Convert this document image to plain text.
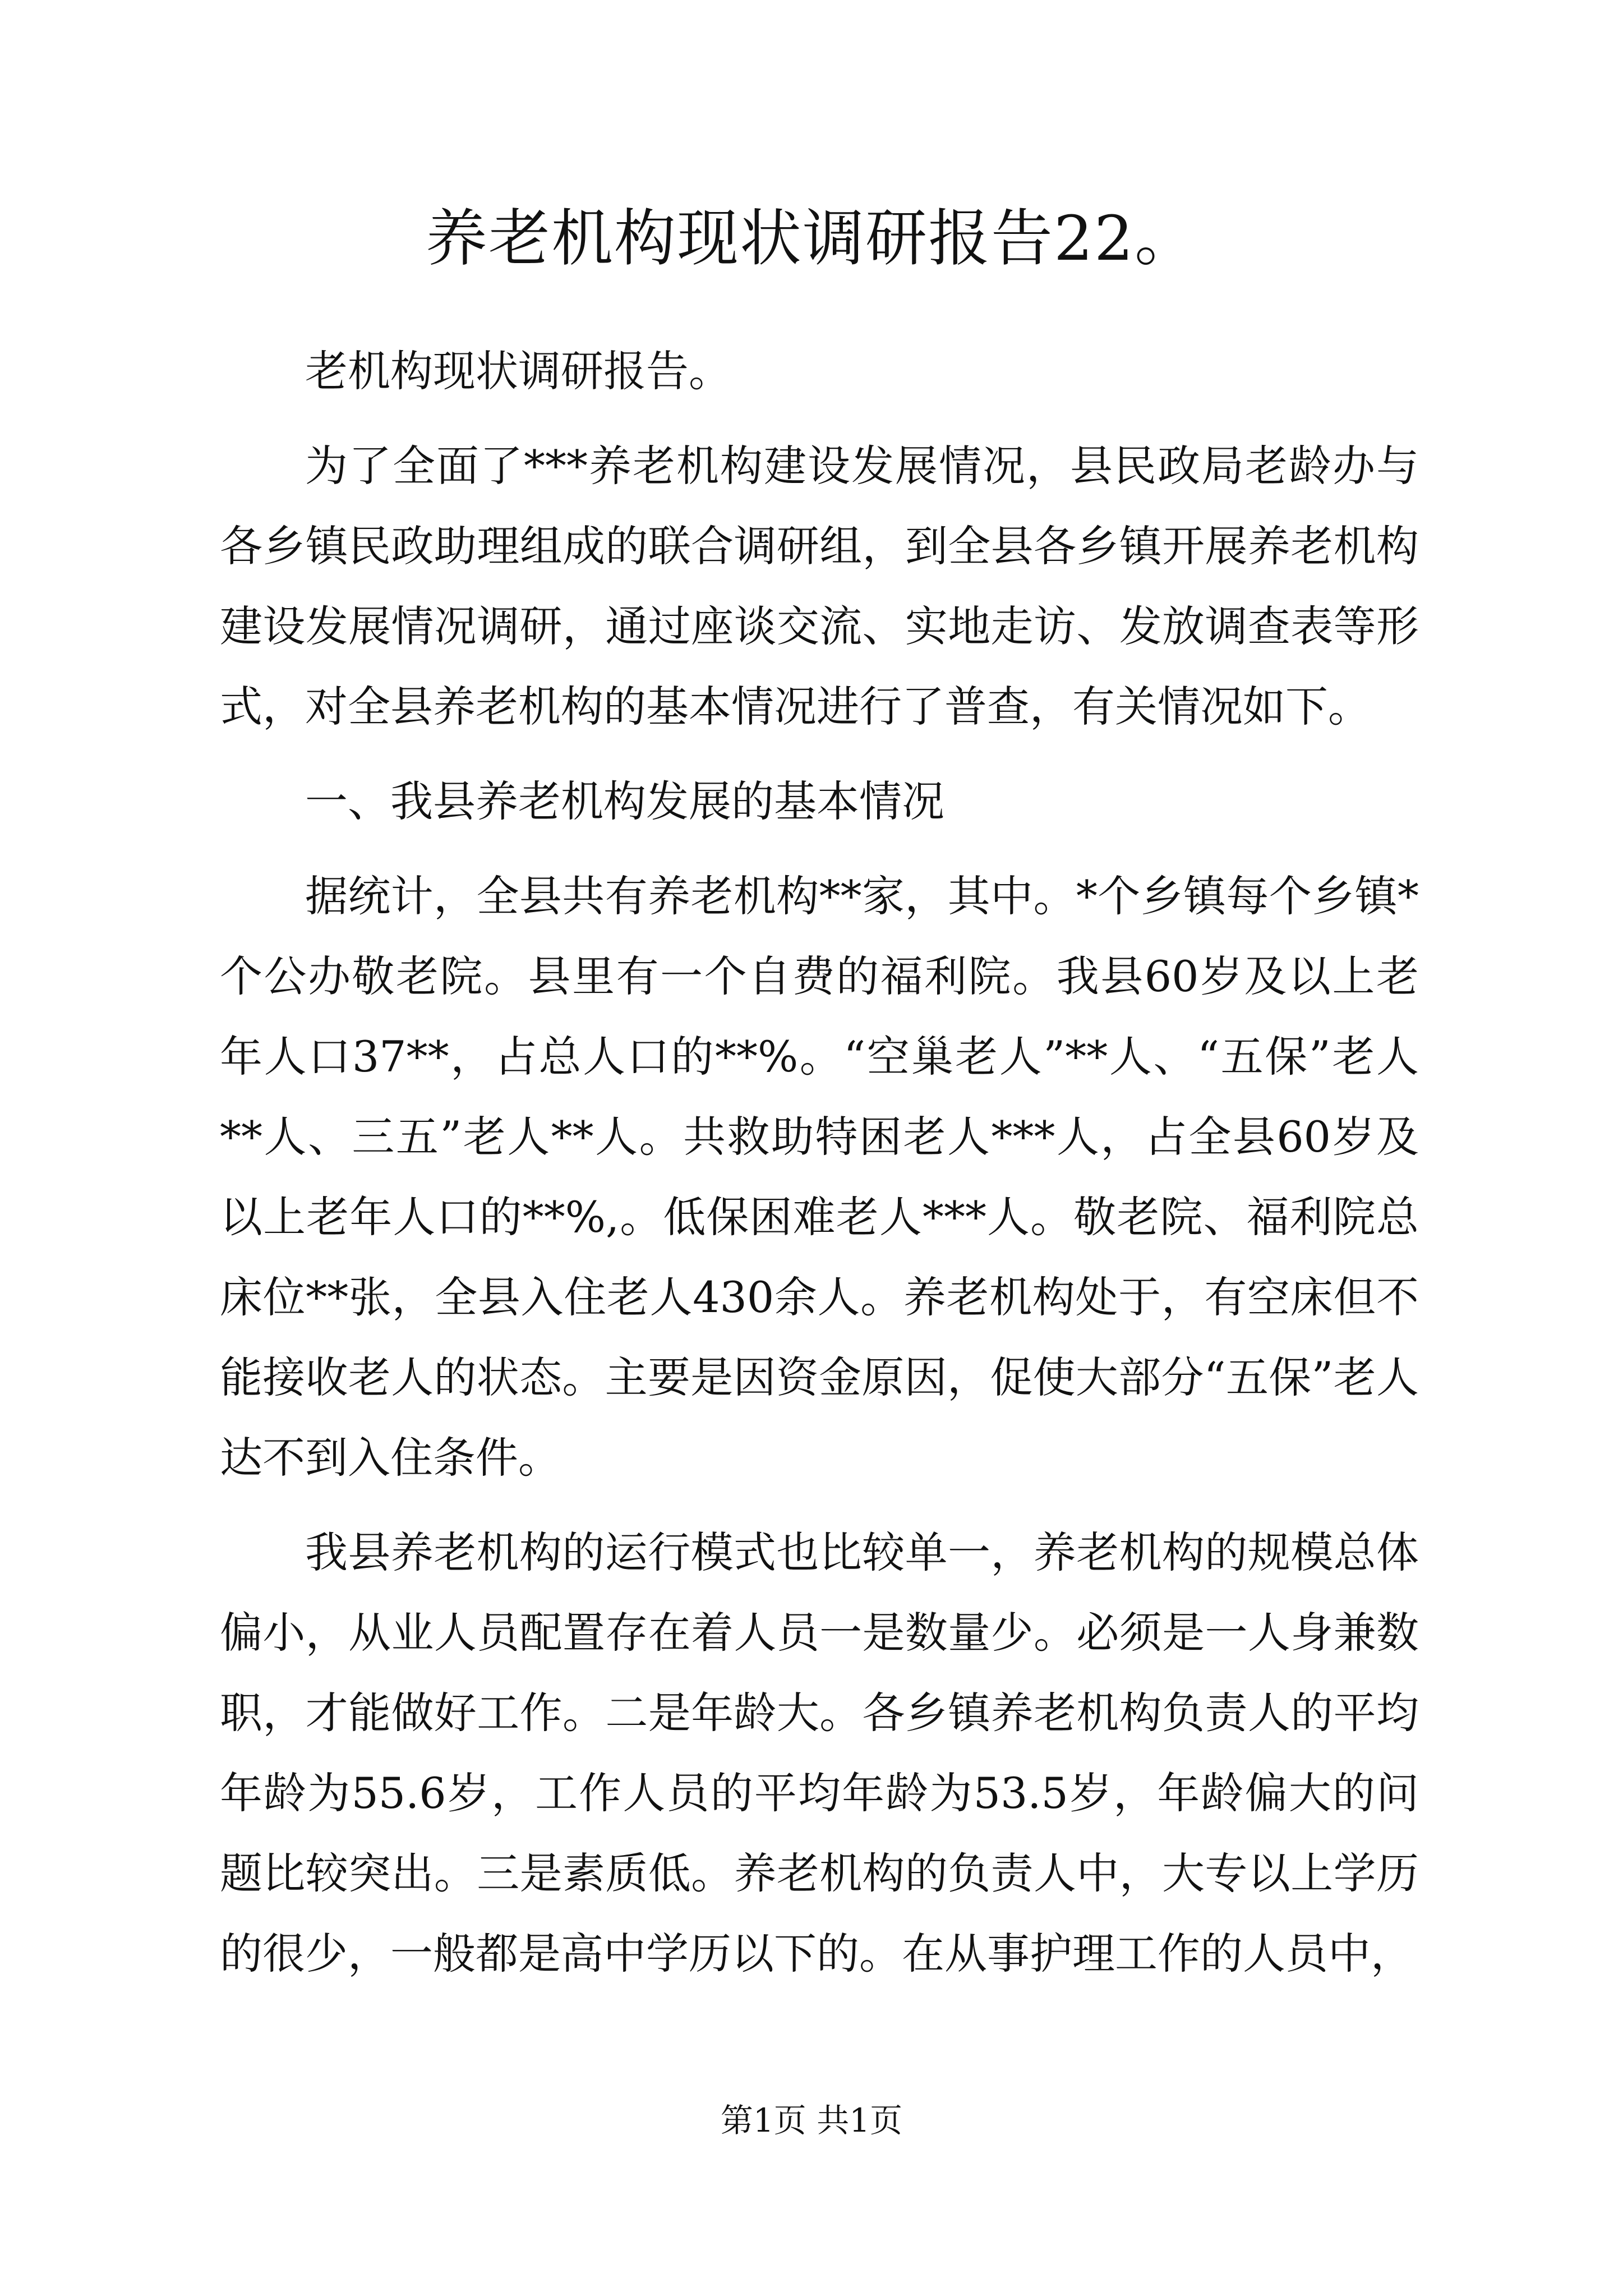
养老机构现状调研报告22。

老机构现状调研报告。

为了全面了***养老机构建设发展情况，县民政局老龄办与各乡镇民政助理组成的联合调研组，到全县各乡镇开展养老机构建设发展情况调研，通过座谈交流、实地走访、发放调查表等形式，对全县养老机构的基本情况进行了普查，有关情况如下。

一、我县养老机构发展的基本情况

据统计，全县共有养老机构**家，其中。*个乡镇每个乡镇*个公办敬老院。县里有一个自费的福利院。我县60岁及以上老年人口37**，占总人口的**%。“空巢老人”**人、“五保”老人**人、三五”老人**人。共救助特困老人***人，占全县60岁及以上老年人口的**%,。低保困难老人***人。敬老院、福利院总床位**张，全县入住老人430余人。养老机构处于，有空床但不能接收老人的状态。主要是因资金原因，促使大部分“五保”老人达不到入住条件。

我县养老机构的运行模式也比较单一，养老机构的规模总体偏小，从业人员配置存在着人员一是数量少。必须是一人身兼数职，才能做好工作。二是年龄大。各乡镇养老机构负责人的平均年龄为55.6岁，工作人员的平均年龄为53.5岁，年龄偏大的问题比较突出。三是素质低。养老机构的负责人中，大专以上学历的很少，一般都是高中学历以下的。在从事护理工作的人员中，

第1页 共1页
